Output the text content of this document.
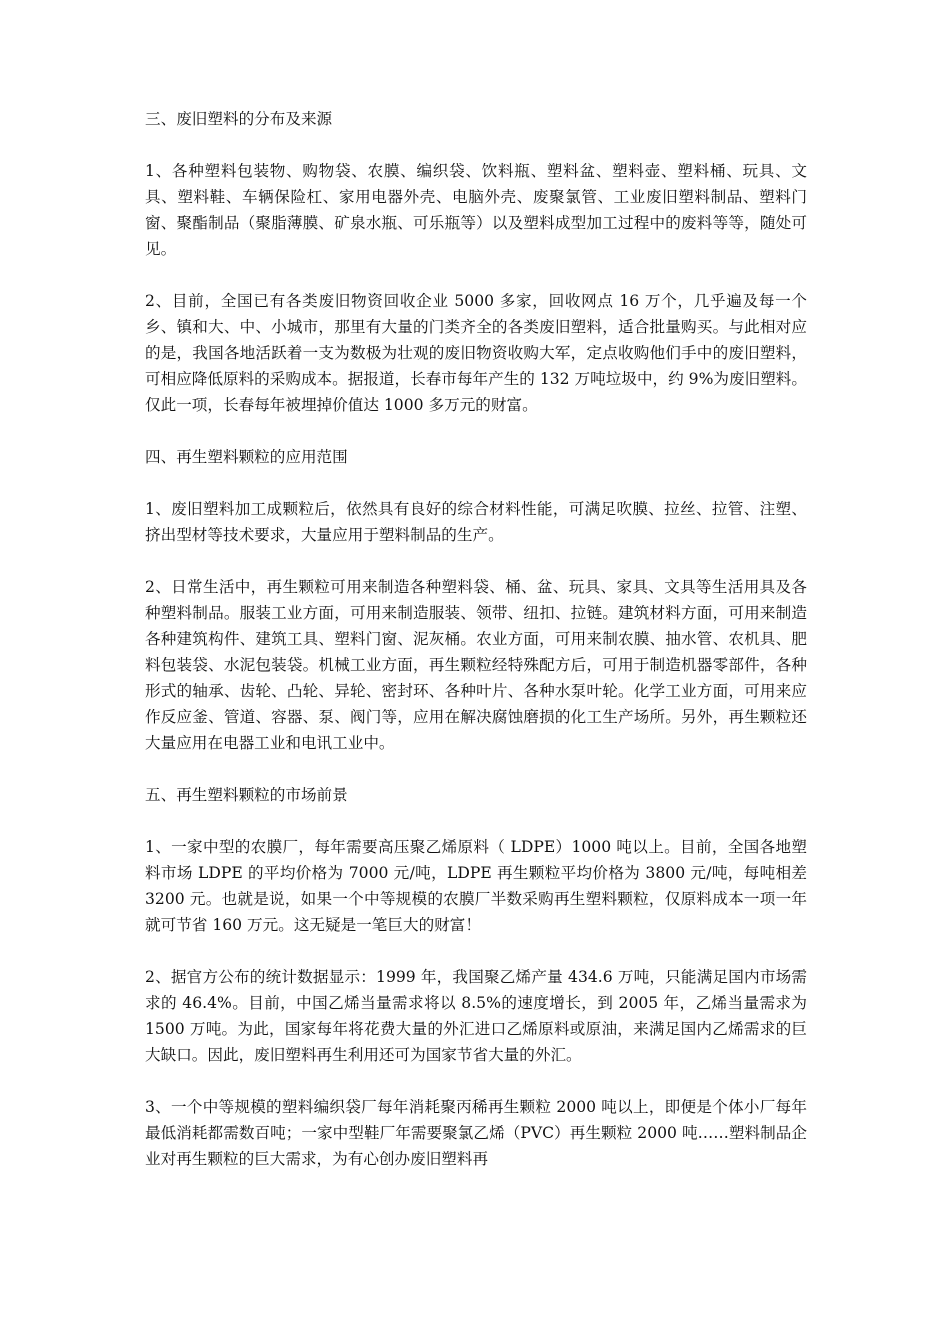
三、废旧塑料的分布及来源
1、各种塑料包装物、购物袋、农膜、编织袋、饮料瓶、塑料盆、塑料壶、塑料桶、玩具、文具、塑料鞋、车辆保险杠、家用电器外壳、电脑外壳、废聚氯管、工业废旧塑料制品、塑料门窗、聚酯制品（聚脂薄膜、矿泉水瓶、可乐瓶等）以及塑料成型加工过程中的废料等等，随处可见。
2、目前，全国已有各类废旧物资回收企业 5000 多家，回收网点 16 万个，几乎遍及每一个乡、镇和大、中、小城市，那里有大量的门类齐全的各类废旧塑料，适合批量购买。与此相对应的是，我国各地活跃着一支为数极为壮观的废旧物资收购大军，定点收购他们手中的废旧塑料，可相应降低原料的采购成本。据报道，长春市每年产生的 132 万吨垃圾中，约 9%为废旧塑料。仅此一项，长春每年被埋掉价值达 1000 多万元的财富。
四、再生塑料颗粒的应用范围
1、废旧塑料加工成颗粒后，依然具有良好的综合材料性能，可满足吹膜、拉丝、拉管、注塑、挤出型材等技术要求，大量应用于塑料制品的生产。
2、日常生活中，再生颗粒可用来制造各种塑料袋、桶、盆、玩具、家具、文具等生活用具及各种塑料制品。服装工业方面，可用来制造服装、领带、纽扣、拉链。建筑材料方面，可用来制造各种建筑构件、建筑工具、塑料门窗、泥灰桶。农业方面，可用来制农膜、抽水管、农机具、肥料包装袋、水泥包装袋。机械工业方面，再生颗粒经特殊配方后，可用于制造机器零部件，各种形式的轴承、齿轮、凸轮、异轮、密封环、各种叶片、各种水泵叶轮。化学工业方面，可用来应作反应釜、管道、容器、泵、阀门等，应用在解决腐蚀磨损的化工生产场所。另外，再生颗粒还大量应用在电器工业和电讯工业中。
五、再生塑料颗粒的市场前景
1、一家中型的农膜厂，每年需要高压聚乙烯原料（ LDPE）1000 吨以上。目前，全国各地塑料市场 LDPE 的平均价格为 7000 元/吨，LDPE 再生颗粒平均价格为 3800 元/吨，每吨相差 3200 元。也就是说，如果一个中等规模的农膜厂半数采购再生塑料颗粒，仅原料成本一项一年就可节省 160 万元。这无疑是一笔巨大的财富！
2、据官方公布的统计数据显示：1999 年，我国聚乙烯产量 434.6 万吨，只能满足国内市场需求的 46.4%。目前，中国乙烯当量需求将以 8.5%的速度增长，到 2005 年，乙烯当量需求为 1500 万吨。为此，国家每年将花费大量的外汇进口乙烯原料或原油，来满足国内乙烯需求的巨大缺口。因此，废旧塑料再生利用还可为国家节省大量的外汇。
3、一个中等规模的塑料编织袋厂每年消耗聚丙稀再生颗粒 2000 吨以上，即便是个体小厂每年最低消耗都需数百吨；一家中型鞋厂年需要聚氯乙烯（PVC）再生颗粒 2000 吨……塑料制品企业对再生颗粒的巨大需求，为有心创办废旧塑料再
